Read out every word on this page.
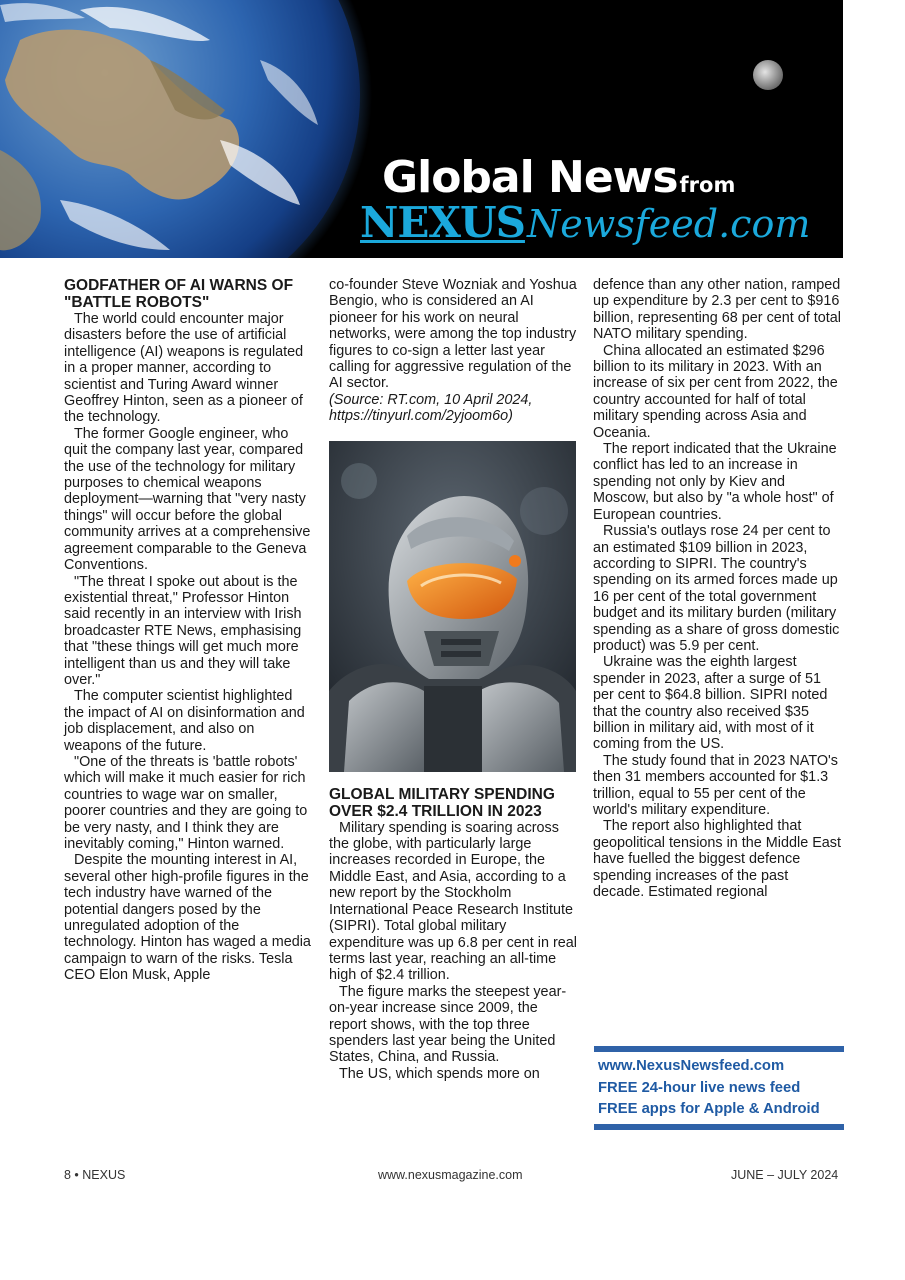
Global Newsfrom
NEXUSNewsfeed.com
GODFATHER OF AI WARNS OF "BATTLE ROBOTS"

The world could encounter major disasters before the use of artificial intelligence (AI) weapons is regulated in a proper manner, according to scientist and Turing Award winner Geoffrey Hinton, seen as a pioneer of the technology.

The former Google engineer, who quit the company last year, compared the use of the technology for military purposes to chemical weapons deployment—warning that "very nasty things" will occur before the global community arrives at a comprehensive agreement comparable to the Geneva Conventions.

"The threat I spoke out about is the existential threat," Professor Hinton said recently in an interview with Irish broadcaster RTE News, emphasising that "these things will get much more intelligent than us and they will take over."

The computer scientist highlighted the impact of AI on disinformation and job displacement, and also on weapons of the future.

"One of the threats is 'battle robots' which will make it much easier for rich countries to wage war on smaller, poorer countries and they are going to be very nasty, and I think they are inevitably coming," Hinton warned.

Despite the mounting interest in AI, several other high-profile figures in the tech industry have warned of the potential dangers posed by the unregulated adoption of the technology. Hinton has waged a media campaign to warn of the risks. Tesla CEO Elon Musk, Apple

co-founder Steve Wozniak and Yoshua Bengio, who is considered an AI pioneer for his work on neural networks, were among the top industry figures to co-sign a letter last year calling for aggressive regulation of the AI sector.

(Source: RT.com, 10 April 2024, https://tinyurl.com/2yjoom6o)

GLOBAL MILITARY SPENDING OVER $2.4 TRILLION IN 2023

Military spending is soaring across the globe, with particularly large increases recorded in Europe, the Middle East, and Asia, according to a new report by the Stockholm International Peace Research Institute (SIPRI). Total global military expenditure was up 6.8 per cent in real terms last year, reaching an all-time high of $2.4 trillion.

The figure marks the steepest year-on-year increase since 2009, the report shows, with the top three spenders last year being the United States, China, and Russia.

The US, which spends more on

defence than any other nation, ramped up expenditure by 2.3 per cent to $916 billion, representing 68 per cent of total NATO military spending.

China allocated an estimated $296 billion to its military in 2023. With an increase of six per cent from 2022, the country accounted for half of total military spending across Asia and Oceania.

The report indicated that the Ukraine conflict has led to an increase in spending not only by Kiev and Moscow, but also by "a whole host" of European countries.

Russia's outlays rose 24 per cent to an estimated $109 billion in 2023, according to SIPRI. The country's spending on its armed forces made up 16 per cent of the total government budget and its military burden (military spending as a share of gross domestic product) was 5.9 per cent.

Ukraine was the eighth largest spender in 2023, after a surge of 51 per cent to $64.8 billion. SIPRI noted that the country also received $35 billion in military aid, with most of it coming from the US.

The study found that in 2023 NATO's then 31 members accounted for $1.3 trillion, equal to 55 per cent of the world's military expenditure.

The report also highlighted that geopolitical tensions in the Middle East have fuelled the biggest defence spending increases of the past decade. Estimated regional

www.NexusNewsfeed.com
FREE 24-hour live news feed
FREE apps for Apple & Android
8 • NEXUS	www.nexusmagazine.com	JUNE – JULY 2024
